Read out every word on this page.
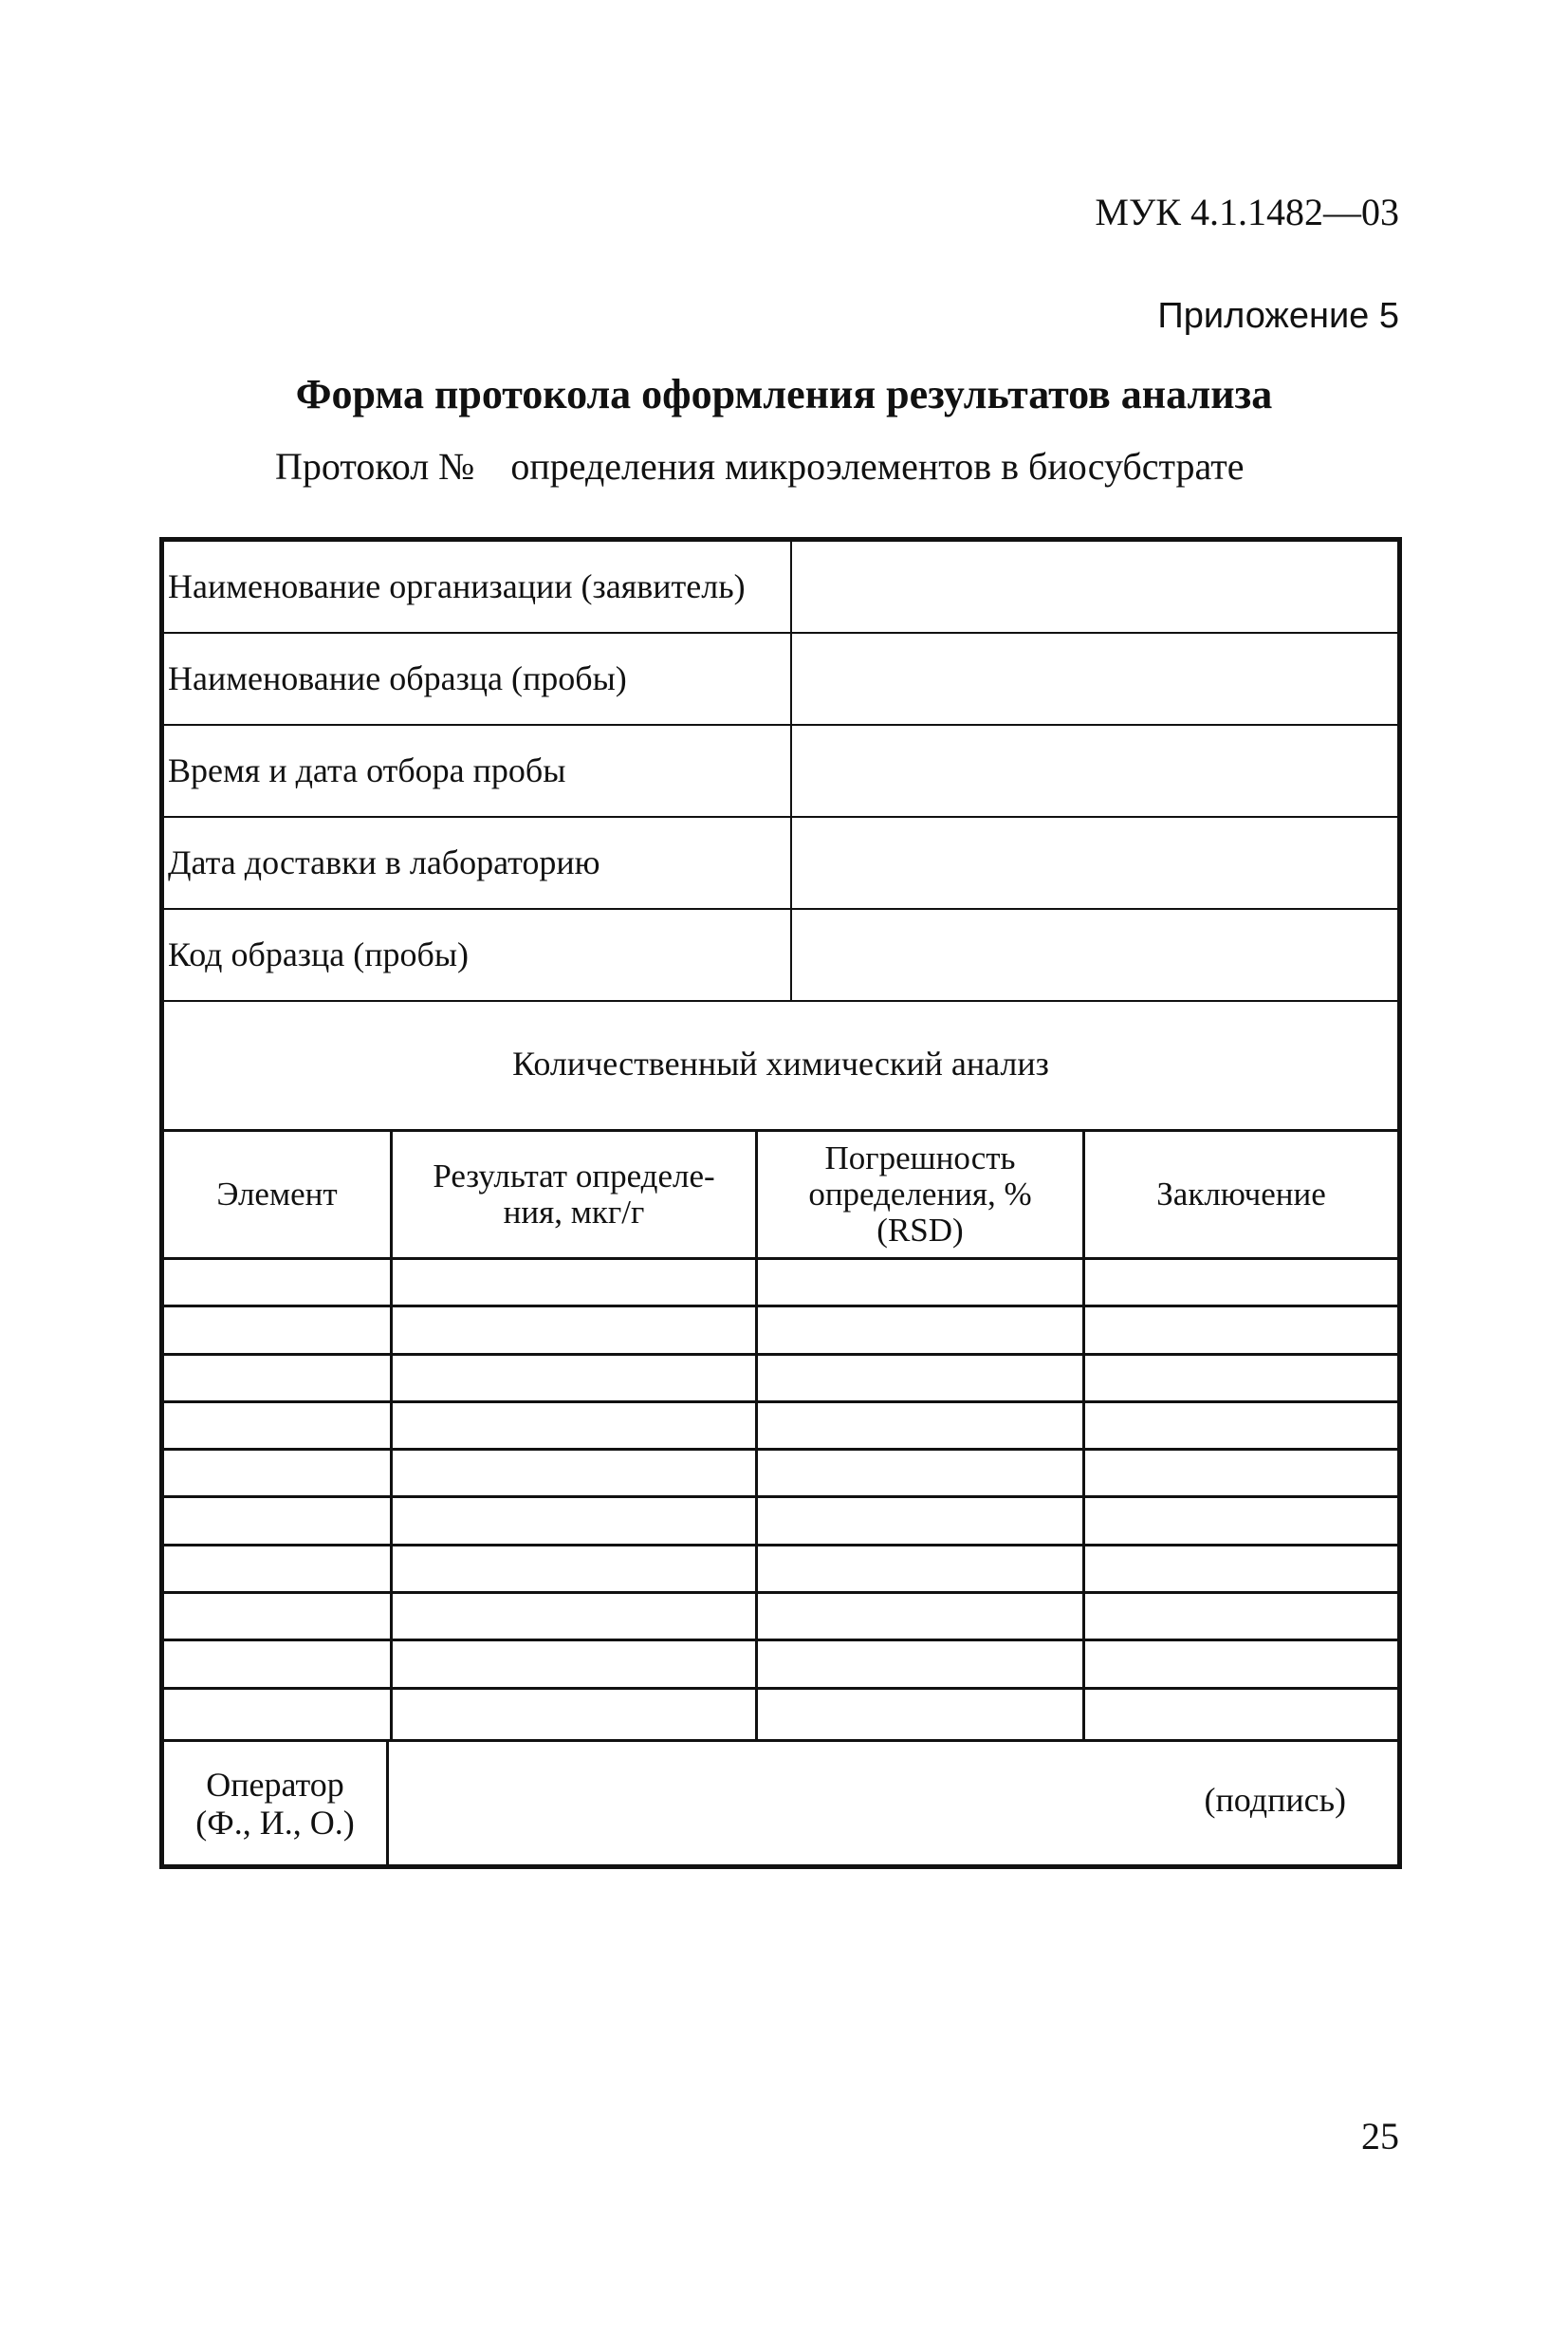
МУК 4.1.1482—03
Приложение 5
Форма протокола оформления результатов анализа
Протокол № определения микроэлементов в биосубстрате
Наименование организации (заявитель)
Наименование образца (пробы)
Время и дата отбора пробы
Дата доставки в лабораторию
Код образца (пробы)
Количественный химический анализ
Элемент	Результат определе-
ния, мкг/г
Погрешность
определения, %
(RSD)
Заключение
Оператор
(Ф., И., О.)
(подпись)
25
